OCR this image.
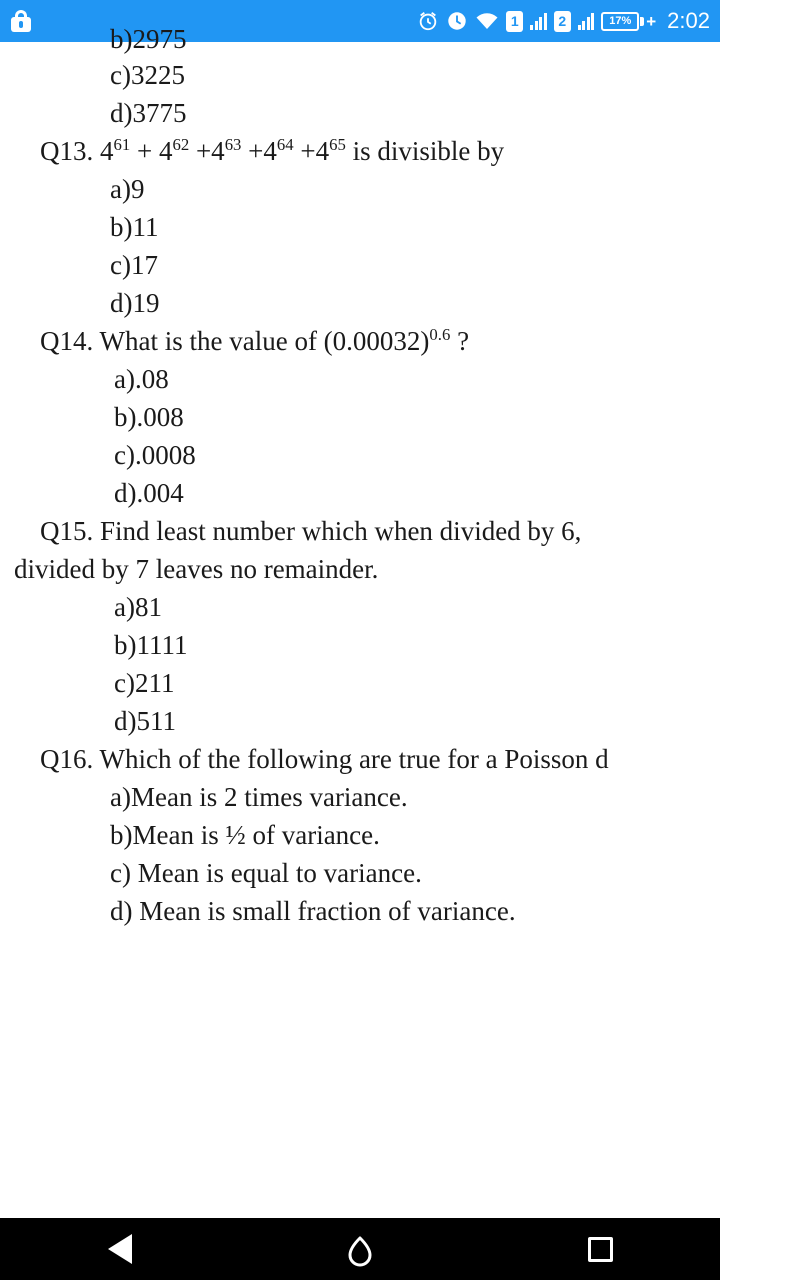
1	2	17% + 2:02
b)2975
c)3225
d)3775
Q13. $4^{61} + 4^{62} +4^{63} +4^{64} +4^{65}$ is divisible by
a)9
b)11
c)17
d)19
Q14. What is the value of $(0.00032)^{0.6}$ ?
a).08
b).008
c).0008
d).004
Q15. Find least number which when divided by 6,
divided by 7 leaves no remainder.
a)81
b)1111
c)211
d)511
Q16. Which of the following are true for a Poisson d
a)Mean is 2 times variance.
b)Mean is ½ of variance.
c) Mean is equal to variance.
d) Mean is small fraction of variance.
